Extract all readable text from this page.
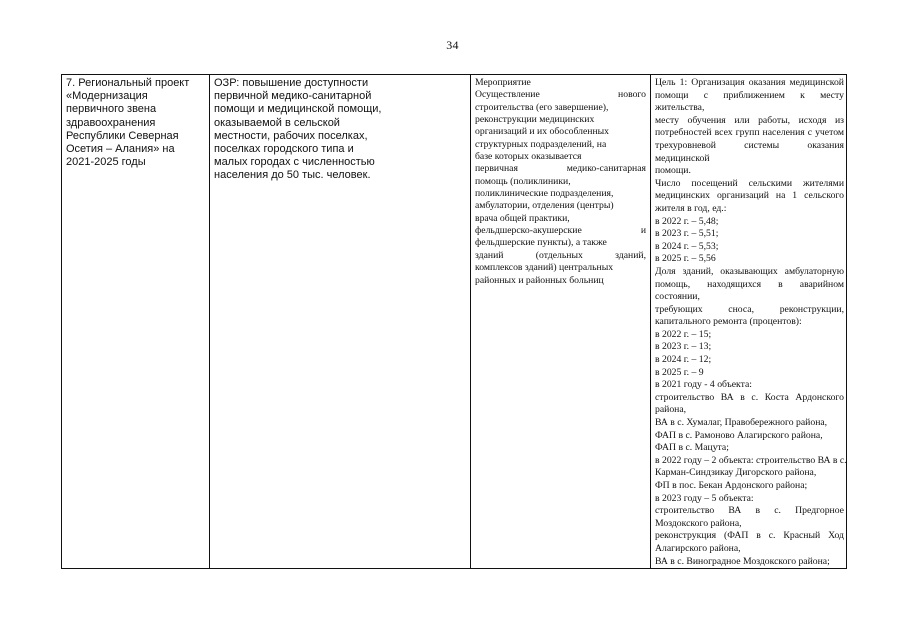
34
7. Региональный проект
«Модернизация
первичного звена
здравоохранения
Республики Северная
Осетия – Алания» на
2021-2025 годы
ОЗР: повышение доступности
первичной медико-санитарной
помощи и медицинской помощи,
оказываемой в сельской
местности, рабочих поселках,
поселках городского типа и
малых городах с численностью
населения до 50 тыс. человек.
Мероприятие
Осуществление нового
строительства (его завершение),
реконструкции медицинских
организаций и их обособленных
структурных подразделений, на
базе которых оказывается
первичная медико-санитарная
помощь (поликлиники,
поликлинические подразделения,
амбулатории, отделения (центры)
врача общей практики,
фельдшерско-акушерские и
фельдшерские пункты), а также
зданий (отдельных зданий,
комплексов зданий) центральных
районных и районных больниц
Цель 1: Организация оказания медицинской
помощи с приближением к месту жительства,
месту обучения или работы, исходя из
потребностей всех групп населения с учетом
трехуровневой системы оказания медицинской
помощи.
Число посещений сельскими жителями
медицинских организаций на 1 сельского
жителя в год, ед.:
в 2022 г. – 5,48;
в 2023 г. – 5,51;
в 2024 г. – 5,53;
в 2025 г. – 5,56
Доля зданий, оказывающих амбулаторную
помощь, находящихся в аварийном состоянии,
требующих сноса, реконструкции,
капитального ремонта (процентов):
в 2022 г. – 15;
в 2023 г. – 13;
в 2024 г. – 12;
в 2025 г. – 9
в 2021 году - 4 объекта:
строительство ВА в с. Коста Ардонского
района,
ВА в с. Хумалаг, Правобережного района,
ФАП в с. Рамоново Алагирского района,
ФАП в с. Мацута;
в 2022 году – 2 объекта: строительство ВА в с.
Карман-Синдзикау Дигорского района,
ФП в пос. Бекан Ардонского района;
в 2023 году – 5 объекта:
строительство ВА в с. Предгорное
Моздокского района,
реконструкция (ФАП в с. Красный Ход
Алагирского района,
ВА в с. Виноградное Моздокского района;
